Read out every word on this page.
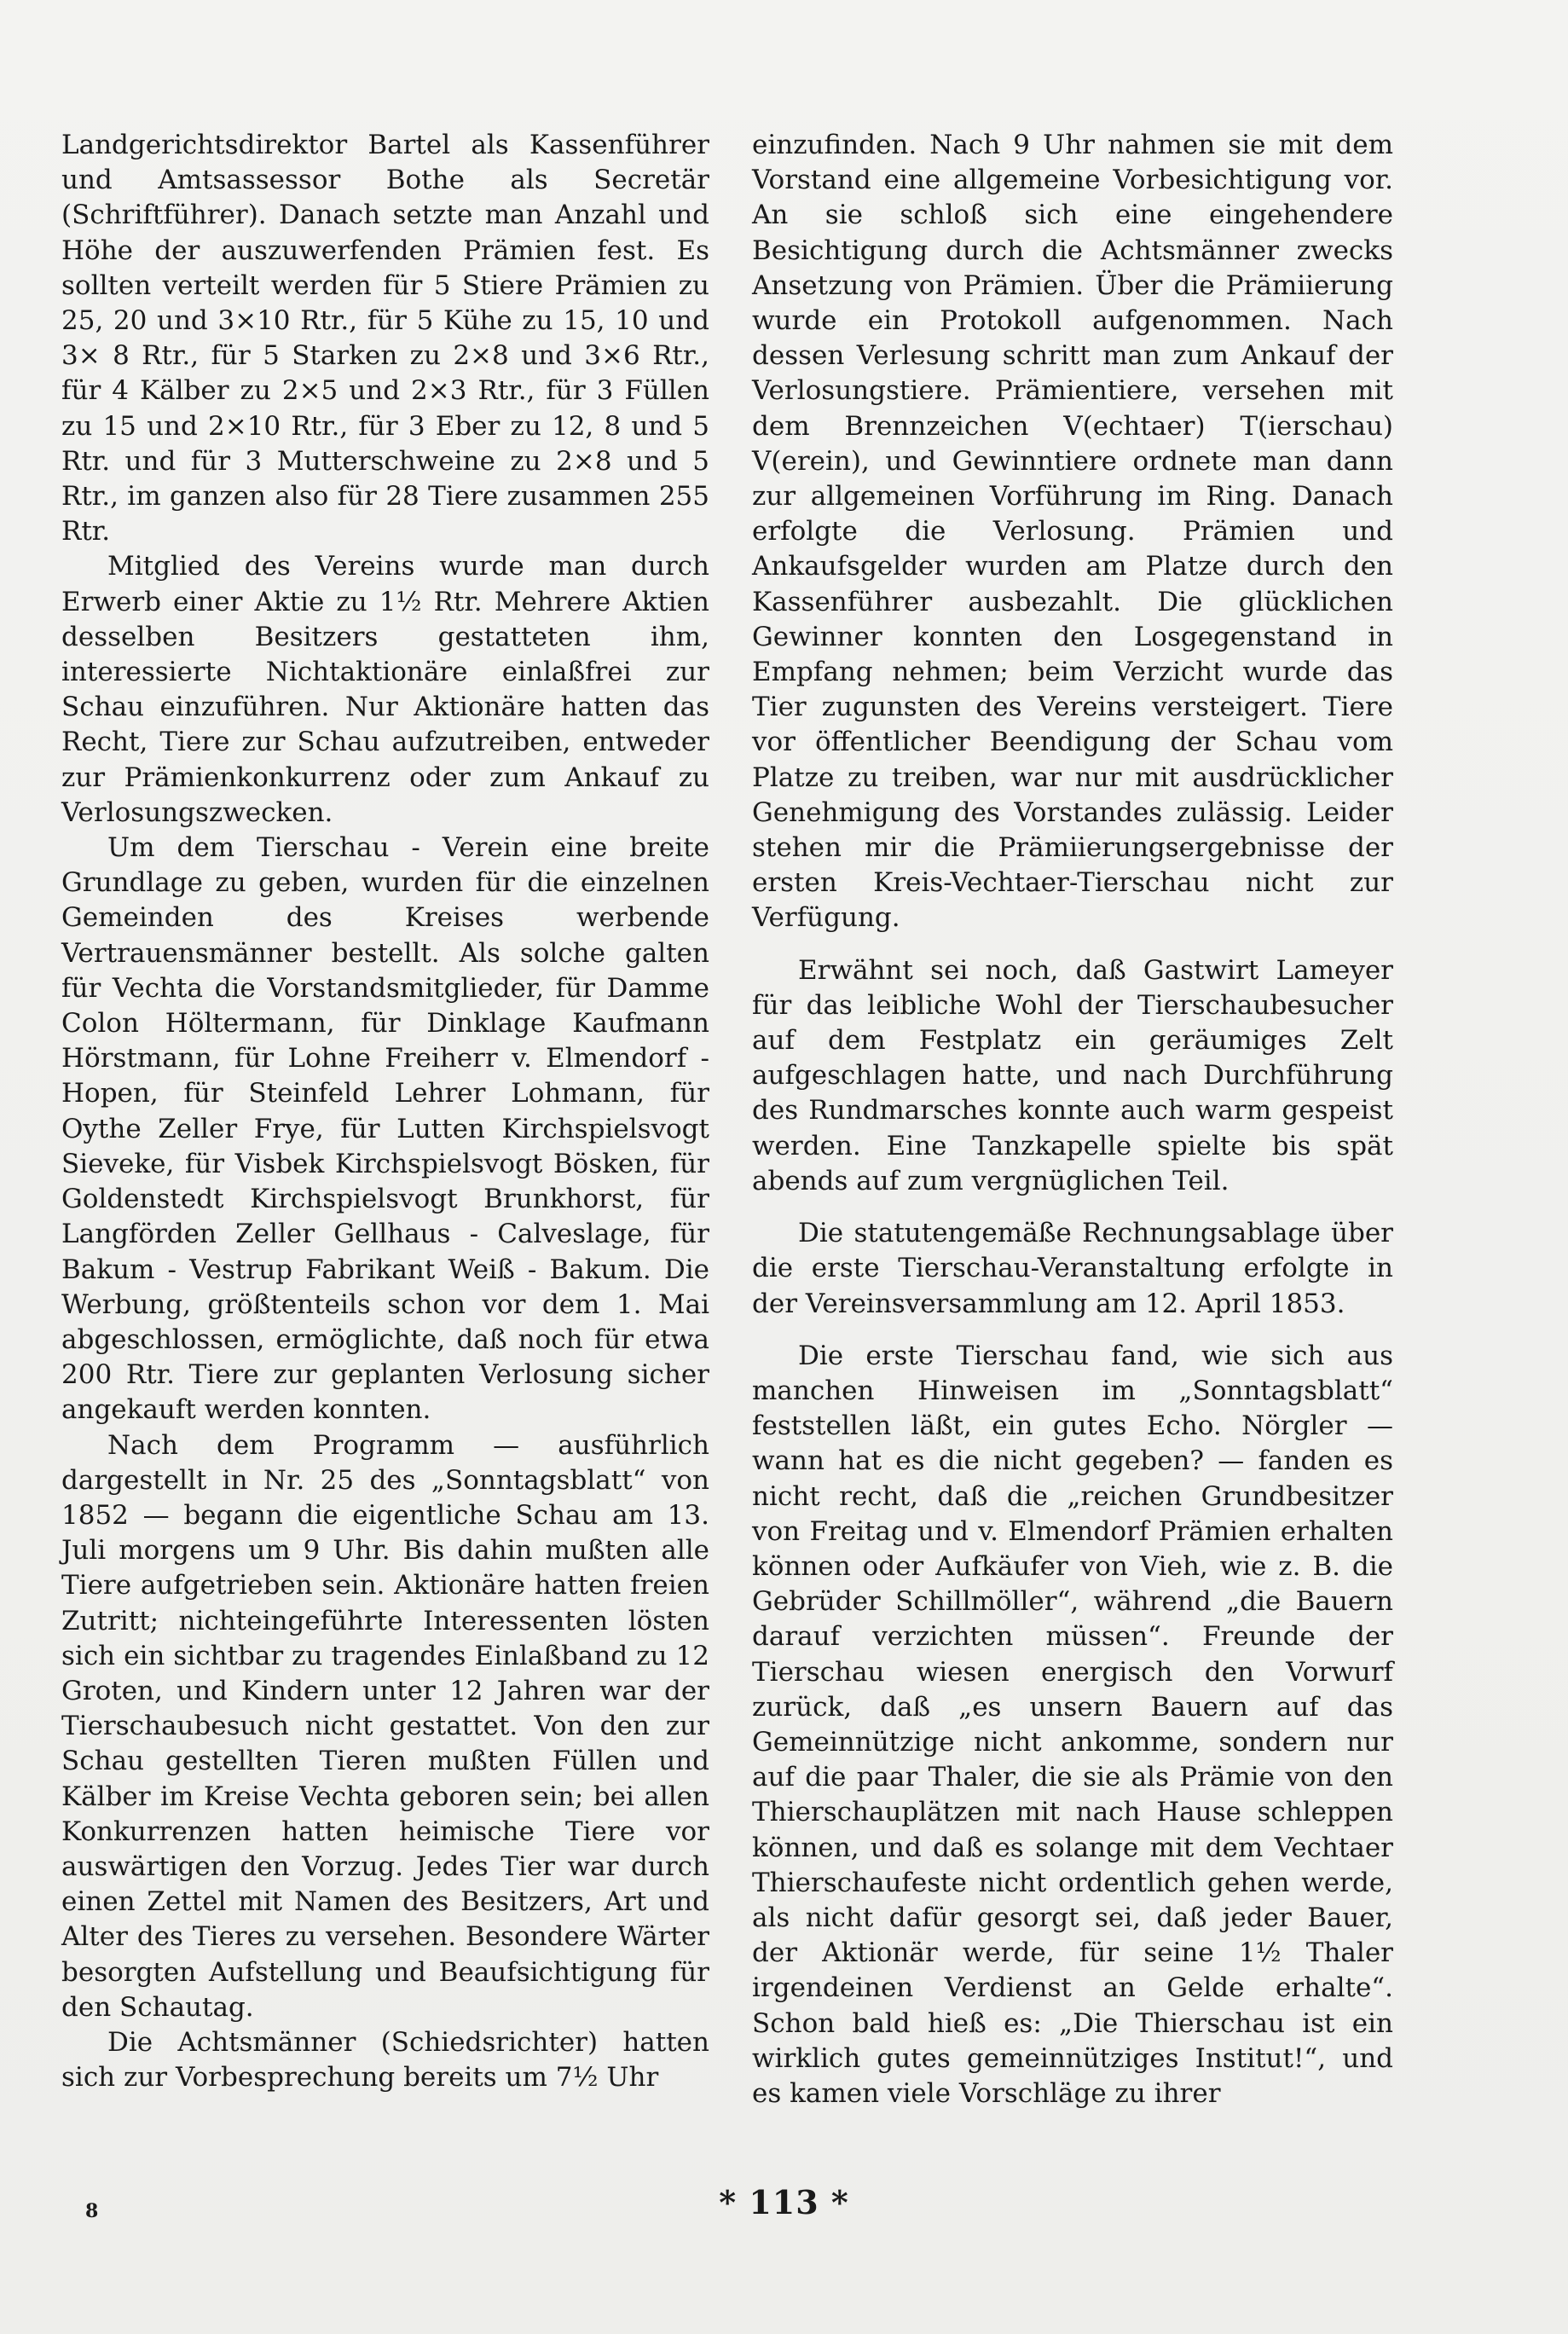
Landgerichtsdirektor Bartel als Kassenführer und Amtsassessor Bothe als Secretär (Schriftführer). Danach setzte man Anzahl und Höhe der auszuwerfenden Prämien fest. Es sollten verteilt werden für 5 Stiere Prämien zu 25, 20 und 3×10 Rtr., für 5 Kühe zu 15, 10 und 3× 8 Rtr., für 5 Starken zu 2×8 und 3×6 Rtr., für 4 Kälber zu 2×5 und 2×3 Rtr., für 3 Füllen zu 15 und 2×10 Rtr., für 3 Eber zu 12, 8 und 5 Rtr. und für 3 Mutterschweine zu 2×8 und 5 Rtr., im ganzen also für 28 Tiere zusammen 255 Rtr.

Mitglied des Vereins wurde man durch Erwerb einer Aktie zu 1½ Rtr. Mehrere Aktien desselben Besitzers gestatteten ihm, interessierte Nichtaktionäre einlaßfrei zur Schau einzuführen. Nur Aktionäre hatten das Recht, Tiere zur Schau aufzutreiben, entweder zur Prämienkonkurrenz oder zum Ankauf zu Verlosungszwecken.

Um dem Tierschau - Verein eine breite Grundlage zu geben, wurden für die einzelnen Gemeinden des Kreises werbende Vertrauensmänner bestellt. Als solche galten für Vechta die Vorstandsmitglieder, für Damme Colon Höltermann, für Dinklage Kaufmann Hörstmann, für Lohne Freiherr v. Elmendorf - Hopen, für Steinfeld Lehrer Lohmann, für Oythe Zeller Frye, für Lutten Kirchspielsvogt Sieveke, für Visbek Kirchspielsvogt Bösken, für Goldenstedt Kirchspielsvogt Brunkhorst, für Langförden Zeller Gellhaus - Calveslage, für Bakum - Vestrup Fabrikant Weiß - Bakum. Die Werbung, größtenteils schon vor dem 1. Mai abgeschlossen, ermöglichte, daß noch für etwa 200 Rtr. Tiere zur geplanten Verlosung sicher angekauft werden konnten.

Nach dem Programm — ausführlich dargestellt in Nr. 25 des „Sonntagsblatt“ von 1852 — begann die eigentliche Schau am 13. Juli morgens um 9 Uhr. Bis dahin mußten alle Tiere aufgetrieben sein. Aktionäre hatten freien Zutritt; nichteingeführte Interessenten lösten sich ein sichtbar zu tragendes Einlaßband zu 12 Groten, und Kindern unter 12 Jahren war der Tierschaubesuch nicht gestattet. Von den zur Schau gestellten Tieren mußten Füllen und Kälber im Kreise Vechta geboren sein; bei allen Konkurrenzen hatten heimische Tiere vor auswärtigen den Vorzug. Jedes Tier war durch einen Zettel mit Namen des Besitzers, Art und Alter des Tieres zu versehen. Besondere Wärter besorgten Aufstellung und Beaufsichtigung für den Schautag.

Die Achtsmänner (Schiedsrichter) hatten sich zur Vorbesprechung bereits um 7½ Uhr

einzufinden. Nach 9 Uhr nahmen sie mit dem Vorstand eine allgemeine Vorbesichtigung vor. An sie schloß sich eine eingehendere Besichtigung durch die Achtsmänner zwecks Ansetzung von Prämien. Über die Prämiierung wurde ein Protokoll aufgenommen. Nach dessen Verlesung schritt man zum Ankauf der Verlosungstiere. Prämientiere, versehen mit dem Brennzeichen V(echtaer) T(ierschau) V(erein), und Gewinntiere ordnete man dann zur allgemeinen Vorführung im Ring. Danach erfolgte die Verlosung. Prämien und Ankaufsgelder wurden am Platze durch den Kassenführer ausbezahlt. Die glücklichen Gewinner konnten den Losgegenstand in Empfang nehmen; beim Verzicht wurde das Tier zugunsten des Vereins versteigert. Tiere vor öffentlicher Beendigung der Schau vom Platze zu treiben, war nur mit ausdrücklicher Genehmigung des Vorstandes zulässig. Leider stehen mir die Prämiierungsergebnisse der ersten Kreis-Vechtaer-Tierschau nicht zur Verfügung.

Erwähnt sei noch, daß Gastwirt Lameyer für das leibliche Wohl der Tierschaubesucher auf dem Festplatz ein geräumiges Zelt aufgeschlagen hatte, und nach Durchführung des Rundmarsches konnte auch warm gespeist werden. Eine Tanzkapelle spielte bis spät abends auf zum vergnüglichen Teil.

Die statutengemäße Rechnungsablage über die erste Tierschau-Veranstaltung erfolgte in der Vereinsversammlung am 12. April 1853.

Die erste Tierschau fand, wie sich aus manchen Hinweisen im „Sonntagsblatt“ feststellen läßt, ein gutes Echo. Nörgler — wann hat es die nicht gegeben? — fanden es nicht recht, daß die „reichen Grundbesitzer von Freitag und v. Elmendorf Prämien erhalten können oder Aufkäufer von Vieh, wie z. B. die Gebrüder Schillmöller“, während „die Bauern darauf verzichten müssen“. Freunde der Tierschau wiesen energisch den Vorwurf zurück, daß „es unsern Bauern auf das Gemeinnützige nicht ankomme, sondern nur auf die paar Thaler, die sie als Prämie von den Thierschauplätzen mit nach Hause schleppen können, und daß es solange mit dem Vechtaer Thierschaufeste nicht ordentlich gehen werde, als nicht dafür gesorgt sei, daß jeder Bauer, der Aktionär werde, für seine 1½ Thaler irgendeinen Verdienst an Gelde erhalte“. Schon bald hieß es: „Die Thierschau ist ein wirklich gutes gemeinnütziges Institut!“, und es kamen viele Vorschläge zu ihrer

8	* 113 *
